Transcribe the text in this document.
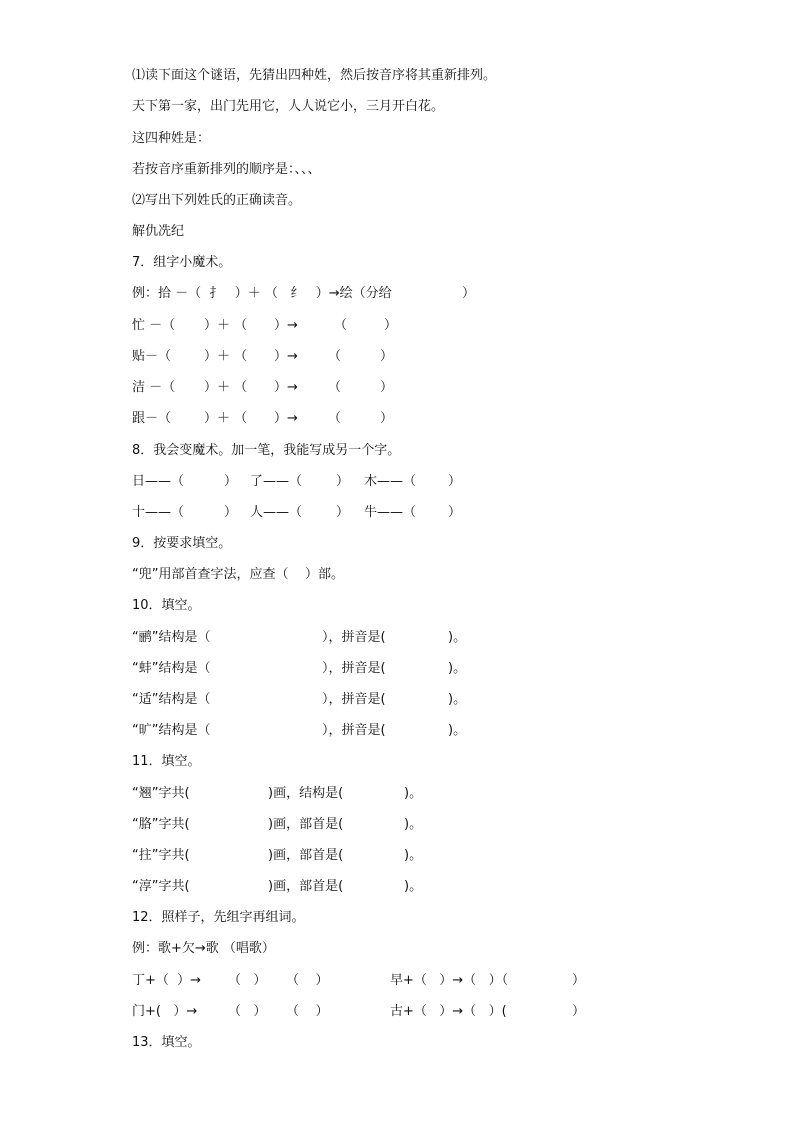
⑴读下面这个谜语，先猜出四种姓，然后按音序将其重新排列。
天下第一家，出门先用它，人人说它小，三月开白花。
这四种姓是：
若按音序重新排列的顺序是：、、、
⑵写出下列姓氏的正确读音。
解仇冼纪
7．组字小魔术。
例：拾 －（  扌   ）＋ （   纟   ）→绘（分给	）
忙 －（ ）＋ （ ）→	（	）
贴－（	）＋ （ ）→ （	）
洁 －（ ）＋ （ ）→ （	）
跟－（	）＋ （ ）→ （	）
8．我会变魔术。加一笔，我能写成另一个字。
日——（	） 了——（	） 木——（ ）
十——（	） 人——（	） 牛——（ ）
9．按要求填空。
“兜”用部首查字法，应查（    ）部。
10．填空。
“鹂”结构是（	），拼音是(	)。
“蚌”结构是（	），拼音是(	)。
“适”结构是（	），拼音是(	)。
“旷”结构是（	），拼音是(	)。
11．填空。
“翘”字共(	)画，结构是(	)。
“胳”字共(	)画，部首是(	)。
“拄”字共(	)画，部首是(	)。
“淳”字共(	)画，部首是(	)。
12．照样子，先组字再组词。
例：歌+欠→歌 （唱歌）
丁+（  ）→ （   ） （    ）	早+（   ）→（   ）（	）
门+(   ）→ （   ） （    ）	古+（   ）→（   ）(	）
13．填空。
